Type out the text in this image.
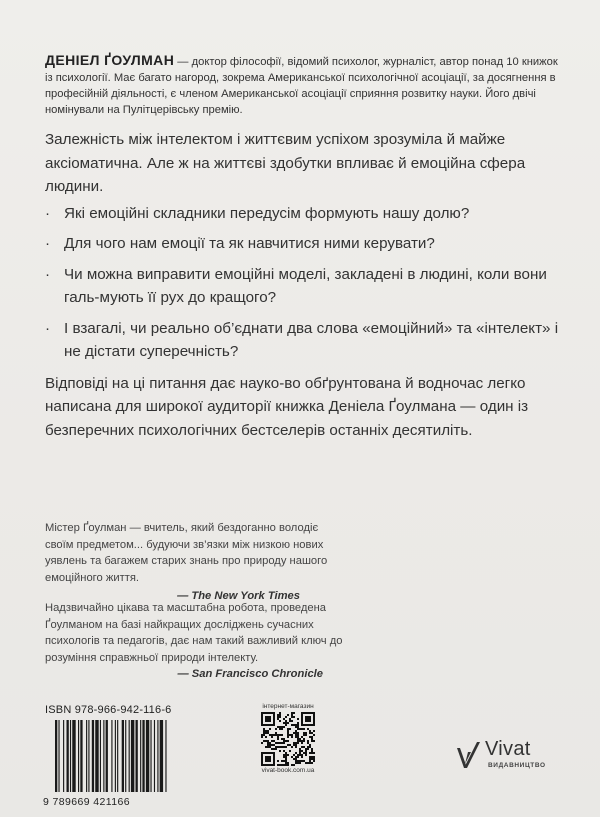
ДЕНІЕЛ ҐОУЛМАН — доктор філософії, відомий психолог, журналіст, автор понад 10 книжок із психології. Має багато нагород, зокрема Американської психологічної асоціації, за досягнення в професійній діяльності, є членом Американської асоціації сприяння розвитку науки. Його двічі номінували на Пулітцерівську премію.

Залежність між інтелектом і життєвим успіхом зрозуміла й майже аксіоматична. Але ж на життєві здобутки впливає й емоційна сфера людини.

· Які емоційні складники передусім формують нашу долю?
· Для чого нам емоції та як навчитися ними керувати?
· Чи можна виправити емоційні моделі, закладені в людині, коли вони галь-мують її рух до кращого?
· І взагалі, чи реально об’єднати два слова «емоційний» та «інтелект» і не дістати суперечність?

Відповіді на ці питання дає науко-во обґрунтована й водночас легко написана для широкої аудиторії книжка Деніела Ґоулмана — один із безперечних психологічних бестселерів останніх десятиліть.

Містер Ґоулман — вчитель, який бездоганно володіє своїм предметом... будуючи зв’язки між низкою нових уявлень та багажем старих знань про природу нашого емоційного життя.
— The New York Times
Надзвичайно цікава та масштабна робота, проведена Ґоулманом на базі найкращих досліджень сучасних психологів та педагогів, дає нам такий важливий ключ до розуміння справжньої природи інтелекту.
— San Francisco Chronicle
ISBN 978-966-942-116-6
9 789669 421166
інтернет-магазин
vivat-book.com.ua
Vivat
ВИДАВНИЦТВО
